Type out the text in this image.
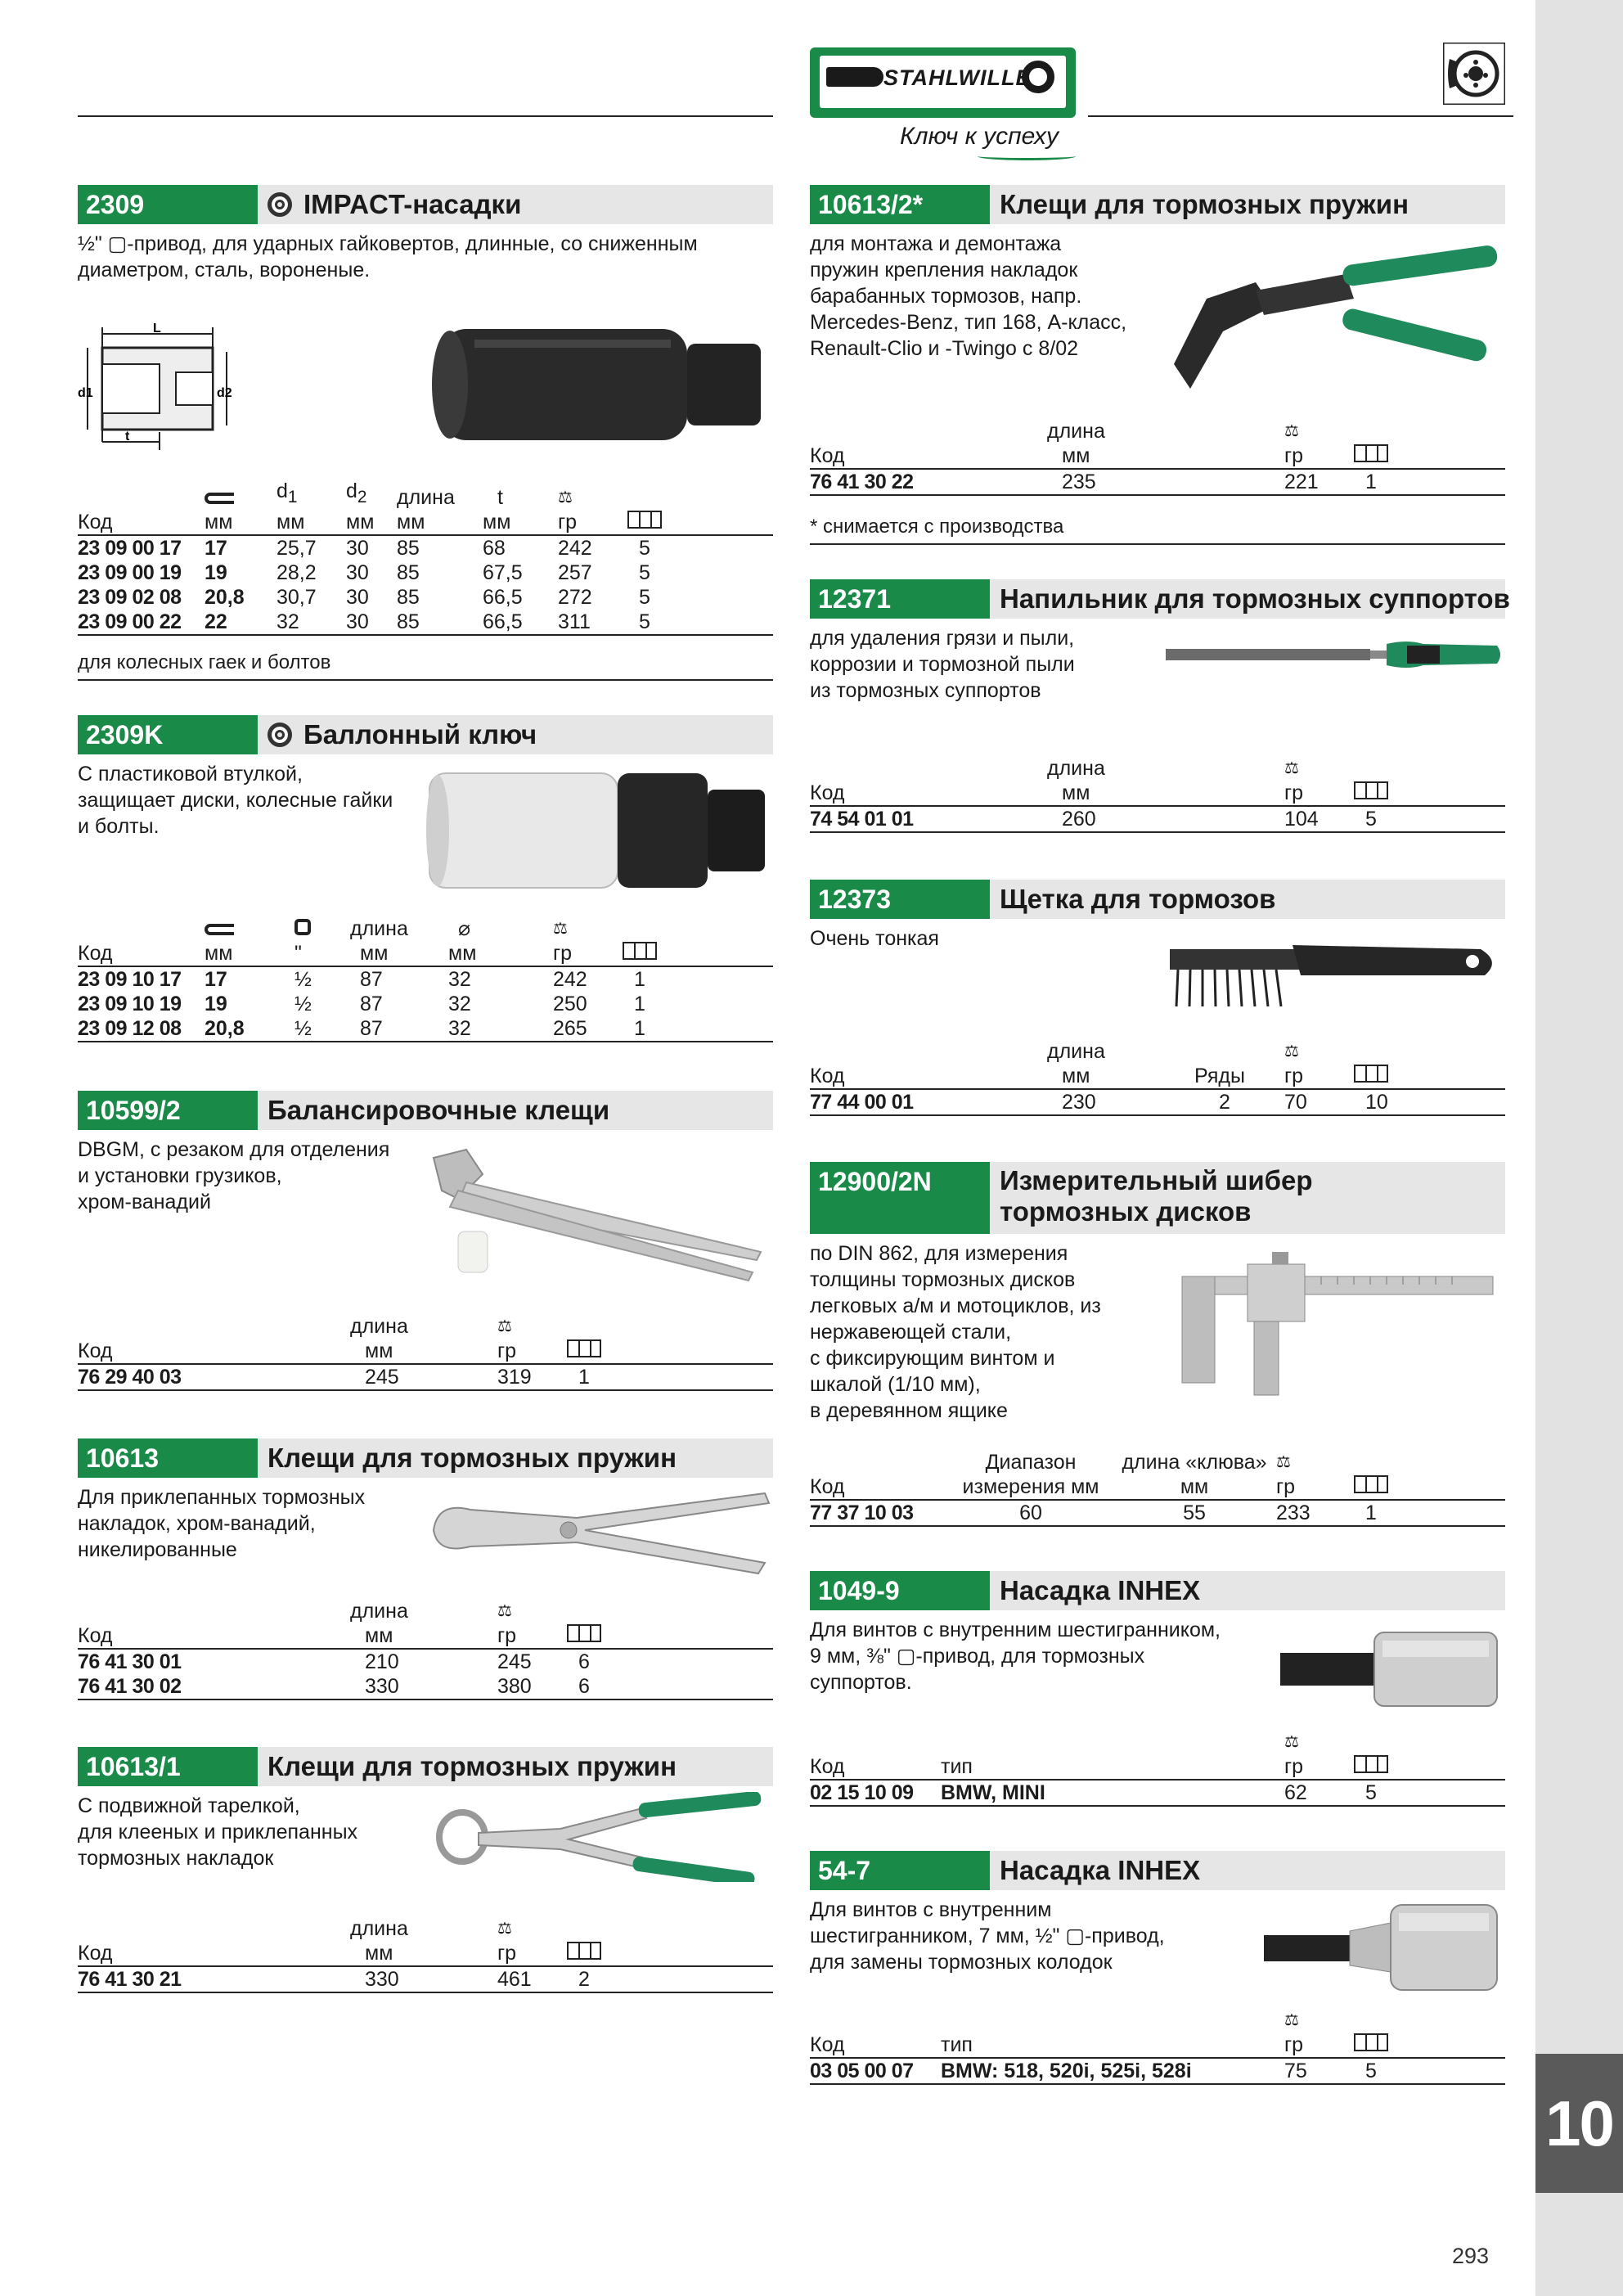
10
293
STAHLWILLE
Ключ к успеху
2309	IMPACT-насадки
½" ▢-привод, для ударных гайковертов, длинные, со сниженным
диаметром, сталь, вороненые.
L
d1	d2
t
		$d_1$	$d_2$	длина	t	⚖	
Код	мм	мм	мм	мм	мм	гр	
23 09 00 17	17	25,7	30	85	68	242	5
23 09 00 19	19	28,2	30	85	67,5	257	5
23 09 02 08	20,8	30,7	30	85	66,5	272	5
23 09 00 22	22	32	30	85	66,5	311	5
для колесных гаек и болтов
2309K	Баллонный ключ
С пластиковой втулкой,
защищает диски, колесные гайки
и болты.
			длина	⌀	⚖	
Код	мм	"	мм	мм	гр	
23 09 10 17	17	½	87	32	242	1
23 09 10 19	19	½	87	32	250	1
23 09 12 08	20,8	½	87	32	265	1
10599/2	Балансировочные клещи
DBGM, с резаком для отделения
и установки грузиков,
хром-ванадий
	длина	⚖	
Код	мм	гр	
76 29 40 03	245	319	1
10613	Клещи для тормозных пружин
Для приклепанных тормозных
накладок, хром-ванадий,
никелированные
	длина	⚖	
Код	мм	гр	
76 41 30 01	210	245	6
76 41 30 02	330	380	6
10613/1	Клещи для тормозных пружин
С подвижной тарелкой,
для клееных и приклепанных
тормозных накладок
	длина	⚖	
Код	мм	гр	
76 41 30 21	330	461	2
10613/2*	Клещи для тормозных пружин
для монтажа и демонтажа
пружин крепления накладок
барабанных тормозов, напр.
Mercedes-Benz, тип 168, A-класс,
Renault-Clio и -Twingo с 8/02
	длина	⚖	
Код	мм	гр	
76 41 30 22	235	221	1
* снимается с производства
12371	Напильник для тормозных суппортов
для удаления грязи и пыли,
коррозии и тормозной пыли
из тормозных суппортов
	длина	⚖	
Код	мм	гр	
74 54 01 01	260	104	5
12373	Щетка для тормозов
Очень тонкая
	длина		⚖	
Код	мм	Ряды	гр	
77 44 00 01	230	2	70	10
12900/2N	Измерительный шибер
тормозных дисков
по DIN 862, для измерения
толщины тормозных дисков
легковых а/м и мотоциклов, из
нержавеющей стали,
с фиксирующим винтом и
шкалой (1/10 мм),
в деревянном ящике
	Диапазон	длина «клюва»	⚖	
Код	измерения мм	мм	гр	
77 37 10 03	60	55	233	1
1049-9	Насадка INHEX
Для винтов с внутренним шестигранником,
9 мм, ⅜" ▢-привод, для тормозных
суппортов.
		⚖	
Код	тип	гр	
02 15 10 09	BMW, MINI	62	5
54-7	Насадка INHEX
Для винтов с внутренним
шестигранником, 7 мм, ½" ▢-привод,
для замены тормозных колодок
		⚖	
Код	тип	гр	
03 05 00 07	BMW: 518, 520i, 525i, 528i	75	5
